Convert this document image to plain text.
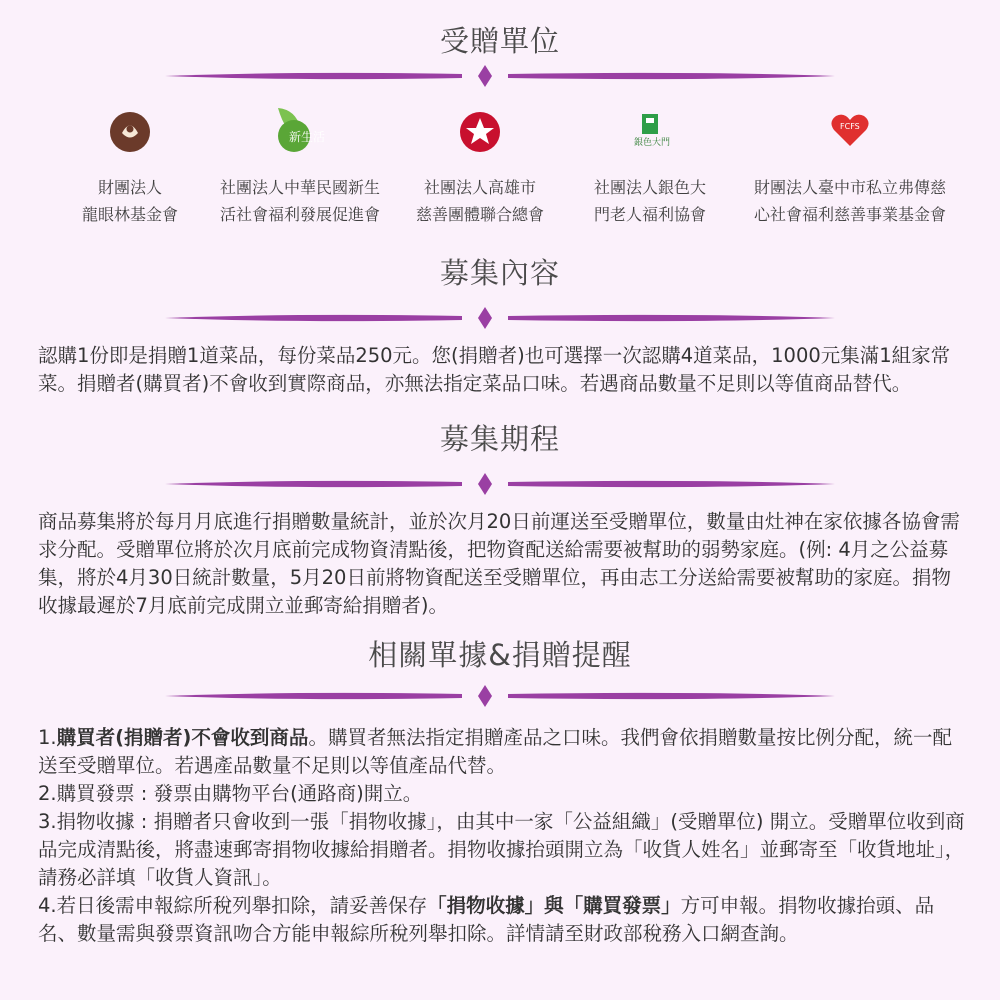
受贈單位
財團法人
龍眼林基金會
新生活
社團法人中華民國新生
活社會福利發展促進會
社團法人高雄市
慈善團體聯合總會
銀色大門
社團法人銀色大
門老人福利協會
FCFS
財團法人臺中市私立弗傳慈
心社會福利慈善事業基金會
募集內容

認購1份即是捐贈1道菜品，每份菜品250元。您(捐贈者)也可選擇一次認購4道菜品，1000元集滿1組家常菜。捐贈者(購買者)不會收到實際商品，亦無法指定菜品口味。若遇商品數量不足則以等值商品替代。

募集期程

商品募集將於每月月底進行捐贈數量統計，並於次月20日前運送至受贈單位，數量由灶神在家依據各協會需求分配。受贈單位將於次月底前完成物資清點後，把物資配送給需要被幫助的弱勢家庭。(例: 4月之公益募集，將於4月30日統計數量，5月20日前將物資配送至受贈單位，再由志工分送給需要被幫助的家庭。捐物收據最遲於7月底前完成開立並郵寄給捐贈者)。

相關單據&捐贈提醒

1.購買者(捐贈者)不會收到商品。購買者無法指定捐贈產品之口味。我們會依捐贈數量按比例分配，統一配送至受贈單位。若遇產品數量不足則以等值產品代替。

2.購買發票 : 發票由購物平台(通路商)開立。

3.捐物收據 : 捐贈者只會收到一張「捐物收據」，由其中一家「公益組織」(受贈單位) 開立。受贈單位收到商品完成清點後，將盡速郵寄捐物收據給捐贈者。捐物收據抬頭開立為「收貨人姓名」並郵寄至「收貨地址」，請務必詳填「收貨人資訊」。

4.若日後需申報綜所稅列舉扣除，請妥善保存「捐物收據」與「購買發票」方可申報。捐物收據抬頭、品名、數量需與發票資訊吻合方能申報綜所稅列舉扣除。詳情請至財政部稅務入口網查詢。
